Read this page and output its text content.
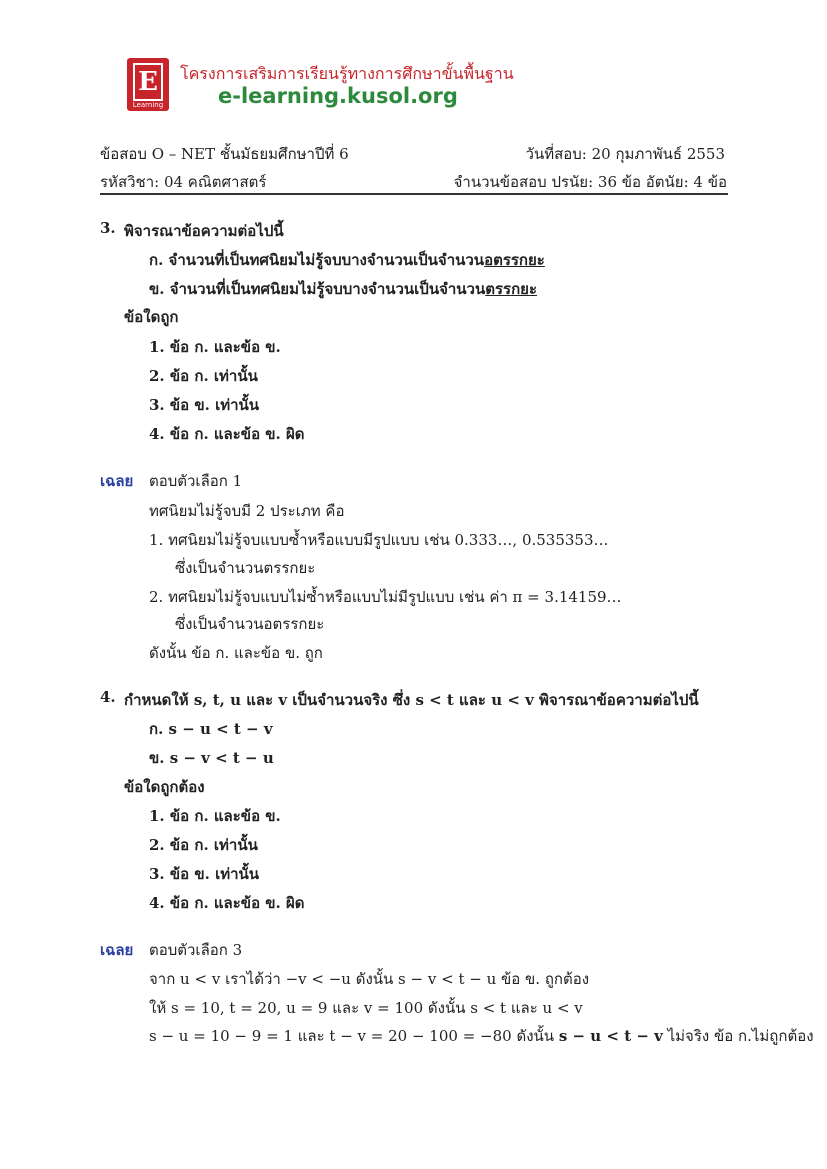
E
Learning
โครงการเสริมการเรียนรู้ทางการศึกษาขั้นพื้นฐาน
e-learning.kusol.org
ข้อสอบ O – NET ชั้นมัธยมศึกษาปีที่ 6	วันที่สอบ: 20 กุมภาพันธ์ 2553
รหัสวิชา: 04 คณิตศาสตร์	จำนวนข้อสอบ ปรนัย: 36 ข้อ อัตนัย: 4 ข้อ
3. พิจารณาข้อความต่อไปนี้
ก. จำนวนที่เป็นทศนิยมไม่รู้จบบางจำนวนเป็นจำนวนอตรรกยะ
ข. จำนวนที่เป็นทศนิยมไม่รู้จบบางจำนวนเป็นจำนวนตรรกยะ
ข้อใดถูก
1. ข้อ ก. และข้อ ข.
2. ข้อ ก. เท่านั้น
3. ข้อ ข. เท่านั้น
4. ข้อ ก. และข้อ ข. ผิด
เฉลย ตอบตัวเลือก 1
ทศนิยมไม่รู้จบมี 2 ประเภท คือ
1. ทศนิยมไม่รู้จบแบบซ้ำหรือแบบมีรูปแบบ เช่น 0.333…, 0.535353…
ซึ่งเป็นจำนวนตรรกยะ
2. ทศนิยมไม่รู้จบแบบไม่ซ้ำหรือแบบไม่มีรูปแบบ เช่น ค่า π = 3.14159…
ซึ่งเป็นจำนวนอตรรกยะ
ดังนั้น ข้อ ก. และข้อ ข. ถูก
4. กำหนดให้ s, t, u และ v เป็นจำนวนจริง ซึ่ง s < t และ u < v พิจารณาข้อความต่อไปนี้
ก. s − u < t − v
ข. s − v < t − u
ข้อใดถูกต้อง
1. ข้อ ก. และข้อ ข.
2. ข้อ ก. เท่านั้น
3. ข้อ ข. เท่านั้น
4. ข้อ ก. และข้อ ข. ผิด
เฉลย ตอบตัวเลือก 3
จาก u < v เราได้ว่า −v < −u ดังนั้น s − v < t − u ข้อ ข. ถูกต้อง
ให้ s = 10, t = 20, u = 9 และ v = 100 ดังนั้น s < t และ u < v
s − u = 10 − 9 = 1 และ t − v = 20 − 100 = −80 ดังนั้น s − u < t − v ไม่จริง ข้อ ก.ไม่ถูกต้อง
